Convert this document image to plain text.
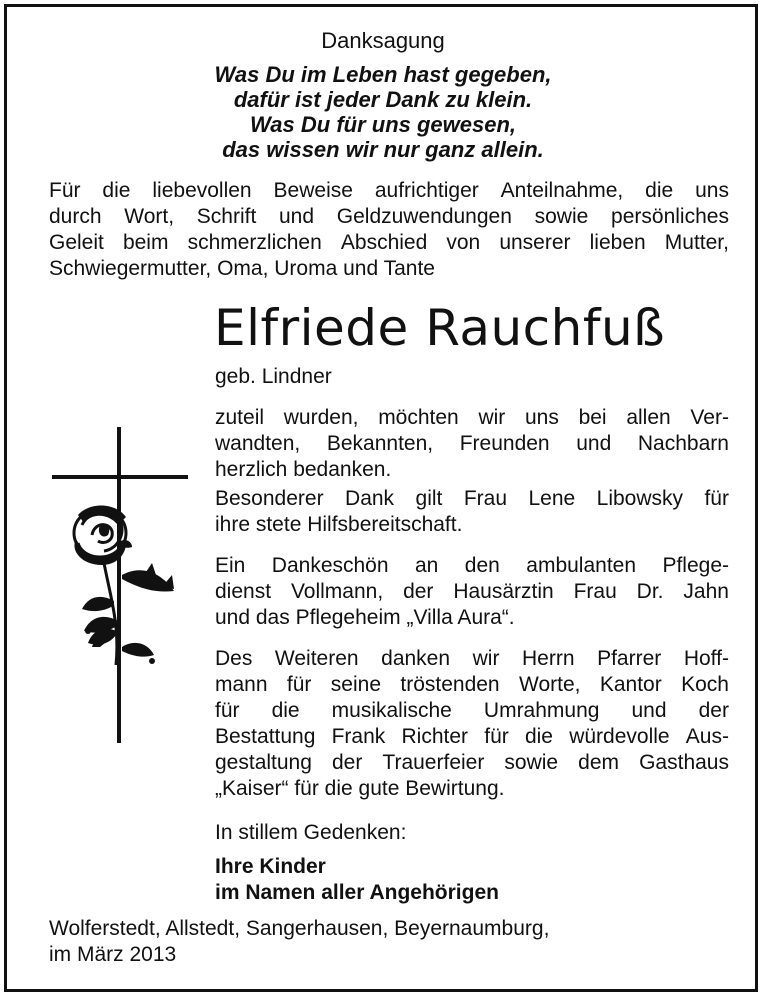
Danksagung
Was Du im Leben hast gegeben,
dafür ist jeder Dank zu klein.
Was Du für uns gewesen,
das wissen wir nur ganz allein.
Für die liebevollen Beweise aufrichtiger Anteilnahme, die uns
durch Wort, Schrift und Geldzuwendungen sowie persönliches
Geleit beim schmerzlichen Abschied von unserer lieben Mutter,
Schwiegermutter, Oma, Uroma und Tante
Elfriede Rauchfuß
geb. Lindner
zuteil wurden, möchten wir uns bei allen Ver-
wandten, Bekannten, Freunden und Nachbarn
herzlich bedanken.
Besonderer Dank gilt Frau Lene Libowsky für
ihre stete Hilfsbereitschaft.
Ein Dankeschön an den ambulanten Pflege-
dienst Vollmann, der Hausärztin Frau Dr. Jahn
und das Pflegeheim „Villa Aura“.
Des Weiteren danken wir Herrn Pfarrer Hoff-
mann für seine tröstenden Worte, Kantor Koch
für die musikalische Umrahmung und der
Bestattung Frank Richter für die würdevolle Aus-
gestaltung der Trauerfeier sowie dem Gasthaus
„Kaiser“ für die gute Bewirtung.
In stillem Gedenken:
Ihre Kinder
im Namen aller Angehörigen
Wolferstedt, Allstedt, Sangerhausen, Beyernaumburg,
im März 2013
